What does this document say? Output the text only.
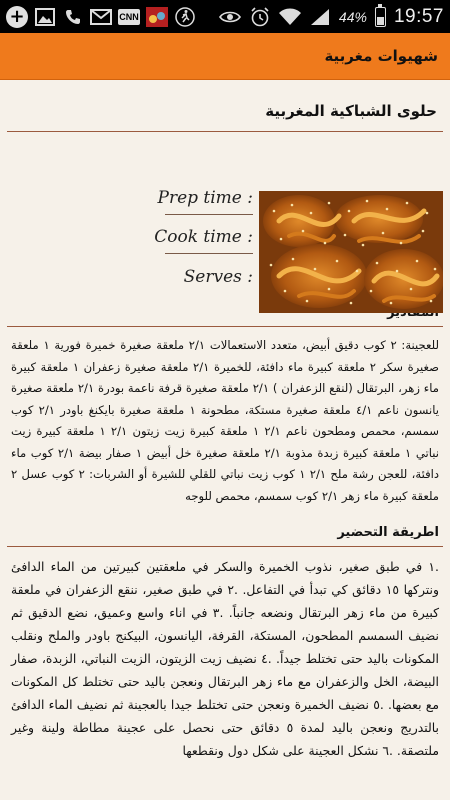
+	CNN	44% 19:57
شهيوات مغربية
حلوى الشباكية المغربية
Prep time :
Cook time :
Serves :

للعجينة: ٢ كوب دقيق أبيض، متعدد الاستعمالات ٢/١ ملعقة صغيرة خميرة فورية ١ ملعقة صغيرة سكر ٢ ملعقة كبيرة ماء دافئة، للخميرة ٢/١ ملعقة صغيرة زعفران ١ ملعقة كبيرة ماء زهر، البرتقال (لنقع الزعفران ) ٢/١ ملعقة صغيرة قرفة ناعمة بودرة ٢/١ ملعقة صغيرة يانسون ناعم ٤/١ ملعقة صغيرة مستكة، مطحونة ١ ملعقة صغيرة بايكنغ باودر ٢/١ كوب سمسم، محمص ومطحون ناعم ٢/١ ١ ملعقة كبيرة زيت زيتون ٢/١ ١ ملعقة كبيرة زيت نباتي ١ ملعقة كبيرة زبدة مذوبة ٢/١ ملعقة صغيرة خل أبيض ١ صفار بيضة ٢/١ كوب ماء دافئة، للعجن رشة ملح ٢/١ ١ كوب زيت نباتي للقلي للشيرة أو الشربات: ٢ كوب عسل ٢ ملعقة كبيرة ماء زهر ٢/١ كوب سمسم، محمص للوجه

اطريقة التحضير

.١ في طبق صغير، نذوب الخميرة والسكر في ملعقتين كبيرتين من الماء الدافئ ونتركها ١٥ دقائق كي تبدأ في التفاعل. .٢ في طبق صغير، ننقع الزعفران في ملعقة كبيرة من ماء زهر البرتقال ونضعه جانباً. .٣ في اناء واسع وعميق، نضع الدقيق ثم نضيف السمسم المطحون، المستكة، القرفة، اليانسون، البيكنج باودر والملح ونقلب المكونات باليد حتى تختلط جيداً. .٤ نضيف زيت الزيتون، الزيت النباتي، الزبدة، صفار البيضة، الخل والزعفران مع ماء زهر البرتقال ونعجن باليد حتى تختلط كل المكونات مع بعضها. .٥ نضيف الخميرة ونعجن حتى تختلط جيدا بالعجينة ثم نضيف الماء الدافئ بالتدريج ونعجن باليد لمدة ٥ دقائق حتى نحصل على عجينة مطاطة ولينة وغير ملتصقة. .٦ نشكل العجينة على شكل دول ونقطعها
